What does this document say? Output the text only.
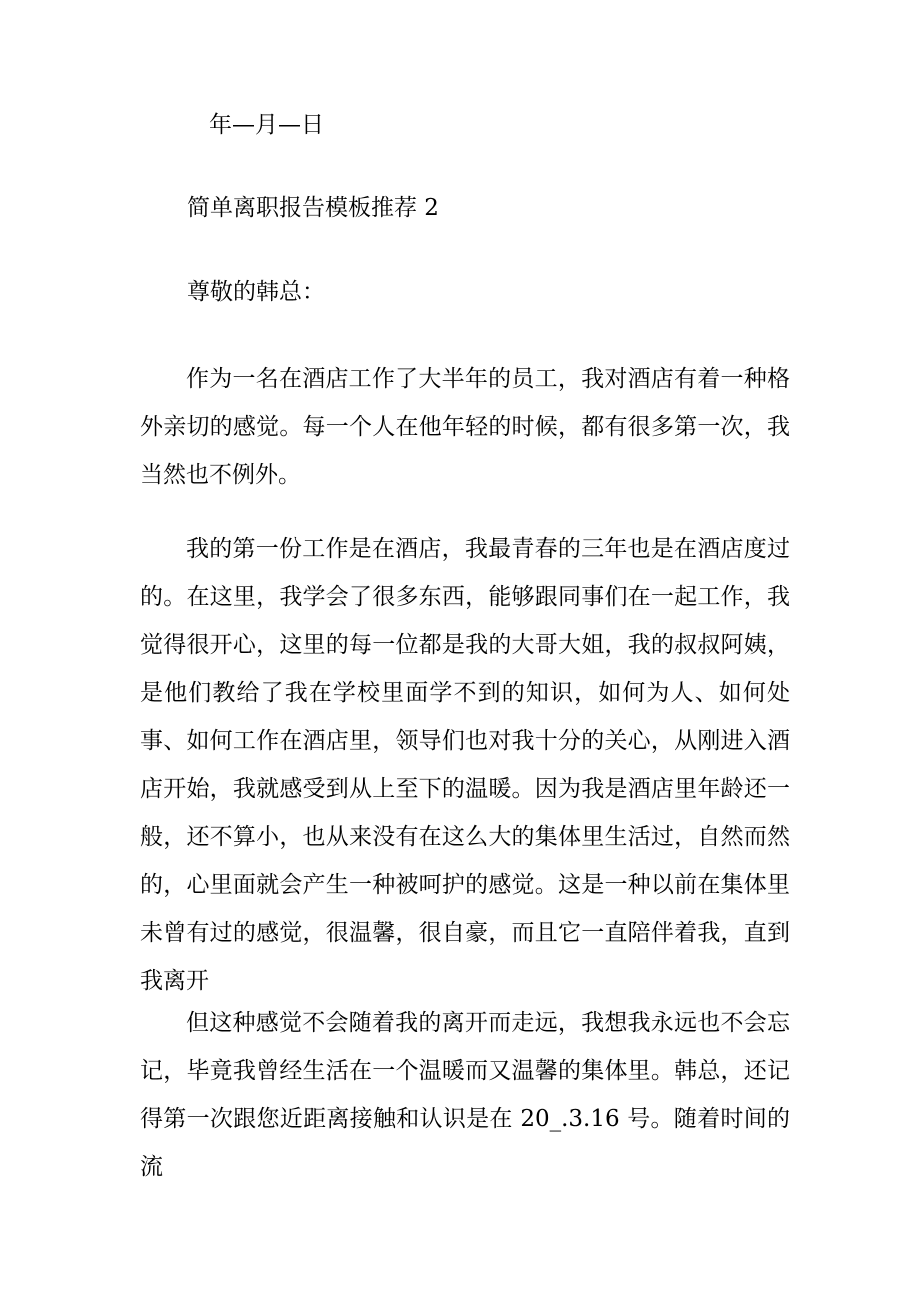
年—月—日
简单离职报告模板推荐 2
尊敬的韩总：
作为一名在酒店工作了大半年的员工，我对酒店有着一种格外亲切的感觉。每一个人在他年轻的时候，都有很多第一次，我当然也不例外。
我的第一份工作是在酒店，我最青春的三年也是在酒店度过的。在这里，我学会了很多东西，能够跟同事们在一起工作，我觉得很开心，这里的每一位都是我的大哥大姐，我的叔叔阿姨，是他们教给了我在学校里面学不到的知识，如何为人、如何处事、如何工作在酒店里，领导们也对我十分的关心，从刚进入酒店开始，我就感受到从上至下的温暖。因为我是酒店里年龄还一般，还不算小，也从来没有在这么大的集体里生活过，自然而然的，心里面就会产生一种被呵护的感觉。这是一种以前在集体里未曾有过的感觉，很温馨，很自豪，而且它一直陪伴着我，直到我离开
但这种感觉不会随着我的离开而走远，我想我永远也不会忘记，毕竟我曾经生活在一个温暖而又温馨的集体里。韩总，还记得第一次跟您近距离接触和认识是在 20_.3.16 号。随着时间的流
